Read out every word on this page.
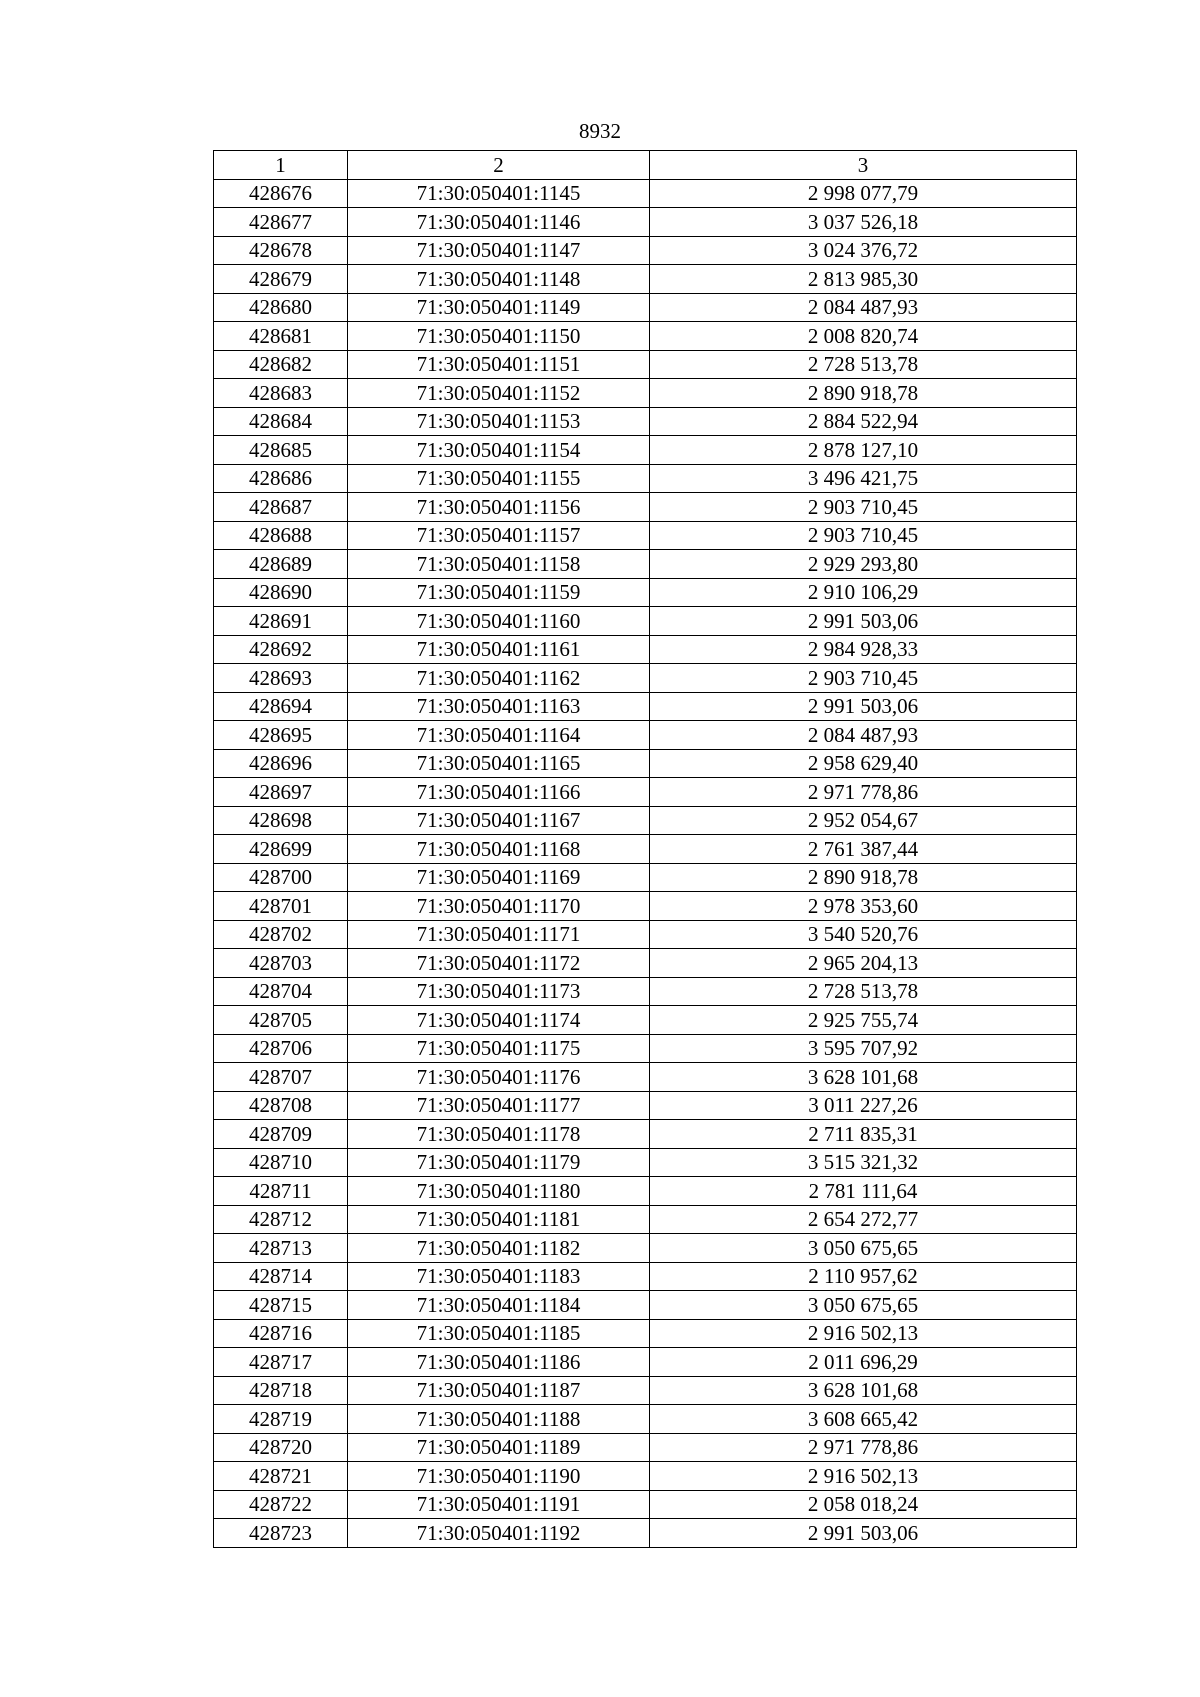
8932
1	2	3
428676	71:30:050401:1145	2 998 077,79
428677	71:30:050401:1146	3 037 526,18
428678	71:30:050401:1147	3 024 376,72
428679	71:30:050401:1148	2 813 985,30
428680	71:30:050401:1149	2 084 487,93
428681	71:30:050401:1150	2 008 820,74
428682	71:30:050401:1151	2 728 513,78
428683	71:30:050401:1152	2 890 918,78
428684	71:30:050401:1153	2 884 522,94
428685	71:30:050401:1154	2 878 127,10
428686	71:30:050401:1155	3 496 421,75
428687	71:30:050401:1156	2 903 710,45
428688	71:30:050401:1157	2 903 710,45
428689	71:30:050401:1158	2 929 293,80
428690	71:30:050401:1159	2 910 106,29
428691	71:30:050401:1160	2 991 503,06
428692	71:30:050401:1161	2 984 928,33
428693	71:30:050401:1162	2 903 710,45
428694	71:30:050401:1163	2 991 503,06
428695	71:30:050401:1164	2 084 487,93
428696	71:30:050401:1165	2 958 629,40
428697	71:30:050401:1166	2 971 778,86
428698	71:30:050401:1167	2 952 054,67
428699	71:30:050401:1168	2 761 387,44
428700	71:30:050401:1169	2 890 918,78
428701	71:30:050401:1170	2 978 353,60
428702	71:30:050401:1171	3 540 520,76
428703	71:30:050401:1172	2 965 204,13
428704	71:30:050401:1173	2 728 513,78
428705	71:30:050401:1174	2 925 755,74
428706	71:30:050401:1175	3 595 707,92
428707	71:30:050401:1176	3 628 101,68
428708	71:30:050401:1177	3 011 227,26
428709	71:30:050401:1178	2 711 835,31
428710	71:30:050401:1179	3 515 321,32
428711	71:30:050401:1180	2 781 111,64
428712	71:30:050401:1181	2 654 272,77
428713	71:30:050401:1182	3 050 675,65
428714	71:30:050401:1183	2 110 957,62
428715	71:30:050401:1184	3 050 675,65
428716	71:30:050401:1185	2 916 502,13
428717	71:30:050401:1186	2 011 696,29
428718	71:30:050401:1187	3 628 101,68
428719	71:30:050401:1188	3 608 665,42
428720	71:30:050401:1189	2 971 778,86
428721	71:30:050401:1190	2 916 502,13
428722	71:30:050401:1191	2 058 018,24
428723	71:30:050401:1192	2 991 503,06
